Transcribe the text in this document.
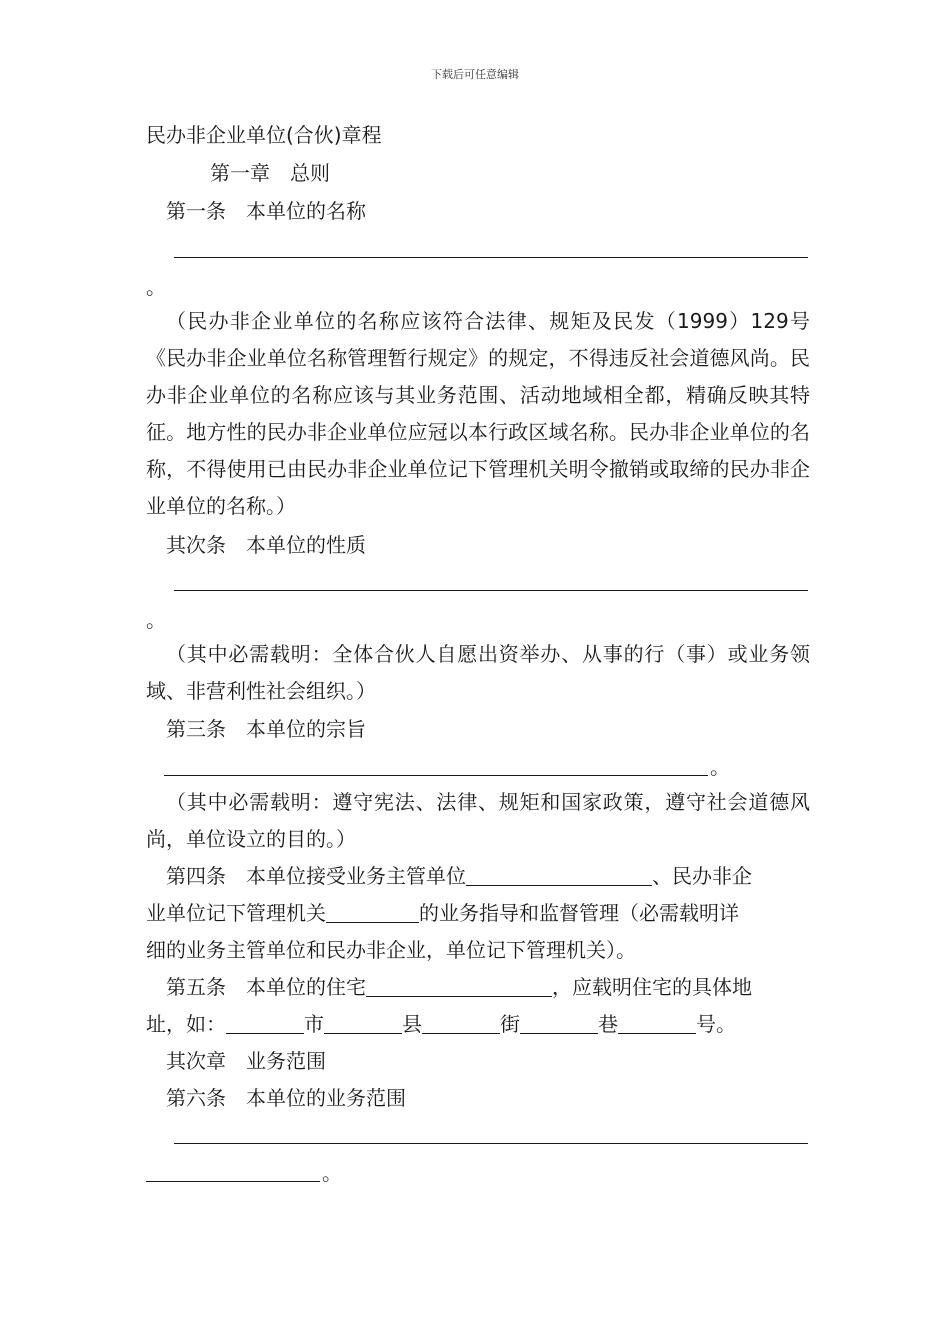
下载后可任意编辑
民办非企业单位(合伙)章程
第一章　总则
第一条　本单位的名称
。
（民办非企业单位的名称应该符合法律、规矩及民发（1999）129号《民办非企业单位名称管理暂行规定》的规定，不得违反社会道德风尚。民办非企业单位的名称应该与其业务范围、活动地域相全都，精确反映其特征。地方性的民办非企业单位应冠以本行政区域名称。民办非企业单位的名称，不得使用已由民办非企业单位记下管理机关明令撤销或取缔的民办非企业单位的名称。）
其次条　本单位的性质
。
（其中必需载明：全体合伙人自愿出资举办、从事的行（事）或业务领域、非营利性社会组织。）
第三条　本单位的宗旨
。
（其中必需载明：遵守宪法、法律、规矩和国家政策，遵守社会道德风尚，单位设立的目的。）
第四条　本单位接受业务主管单位	、民办非企
业单位记下管理机关	的业务指导和监督管理（必需载明详
细的业务主管单位和民办非企业，单位记下管理机关）。
第五条　本单位的住宅	，应载明住宅的具体地
址，如：	市	县	街	巷	号。
其次章　业务范围
第六条　本单位的业务范围
。
